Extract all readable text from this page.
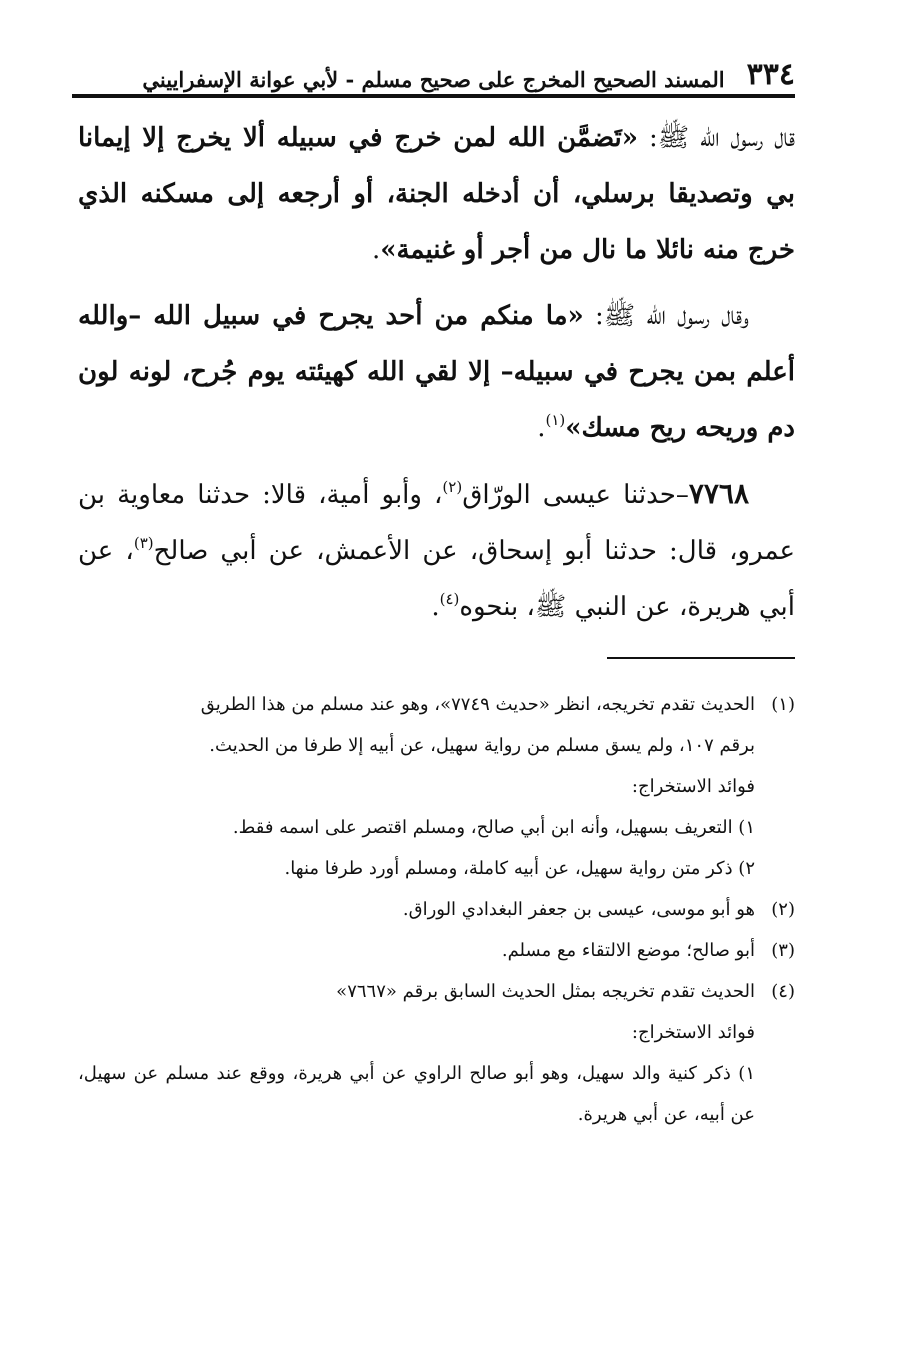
٣٣٤
المسند الصحيح المخرج على صحيح مسلم - لأبي عوانة الإسفراييني

قال رسول الله ﷺ: «تَضمَّن الله لمن خرج في سبيله ألا يخرج إلا إيمانا بي وتصديقا برسلي، أن أدخله الجنة، أو أرجعه إلى مسكنه الذي خرج منه نائلا ما نال من أجر أو غنيمة».

وقال رسول الله ﷺ: «ما منكم من أحد يجرح في سبيل الله –والله أعلم بمن يجرح في سبيله– إلا لقي الله كهيئته يوم جُرح، لونه لون دم وريحه ريح مسك»$^{(١)}$.

٧٧٦٨–حدثنا عيسى الورّاق$^{(٢)}$، وأبو أمية، قالا: حدثنا معاوية بن عمرو، قال: حدثنا أبو إسحاق، عن الأعمش، عن أبي صالح$^{(٣)}$، عن أبي هريرة، عن النبي ﷺ، بنحوه$^{(٤)}$.

(١)
الحديث تقدم تخريجه، انظر «حديث ٧٧٤٩»، وهو عند مسلم من هذا الطريق

برقم ١٠٧، ولم يسق مسلم من رواية سهيل، عن أبيه إلا طرفا من الحديث.

فوائد الاستخراج:

١) التعريف بسهيل، وأنه ابن أبي صالح، ومسلم اقتصر على اسمه فقط.

٢) ذكر متن رواية سهيل، عن أبيه كاملة، ومسلم أورد طرفا منها.

(٢)
هو أبو موسى، عيسى بن جعفر البغدادي الوراق.
(٣)
أبو صالح؛ موضع الالتقاء مع مسلم.
(٤)
الحديث تقدم تخريجه بمثل الحديث السابق برقم «٧٦٦٧»

فوائد الاستخراج:

١) ذكر كنية والد سهيل، وهو أبو صالح الراوي عن أبي هريرة، ووقع عند مسلم عن سهيل، عن أبيه، عن أبي هريرة.
